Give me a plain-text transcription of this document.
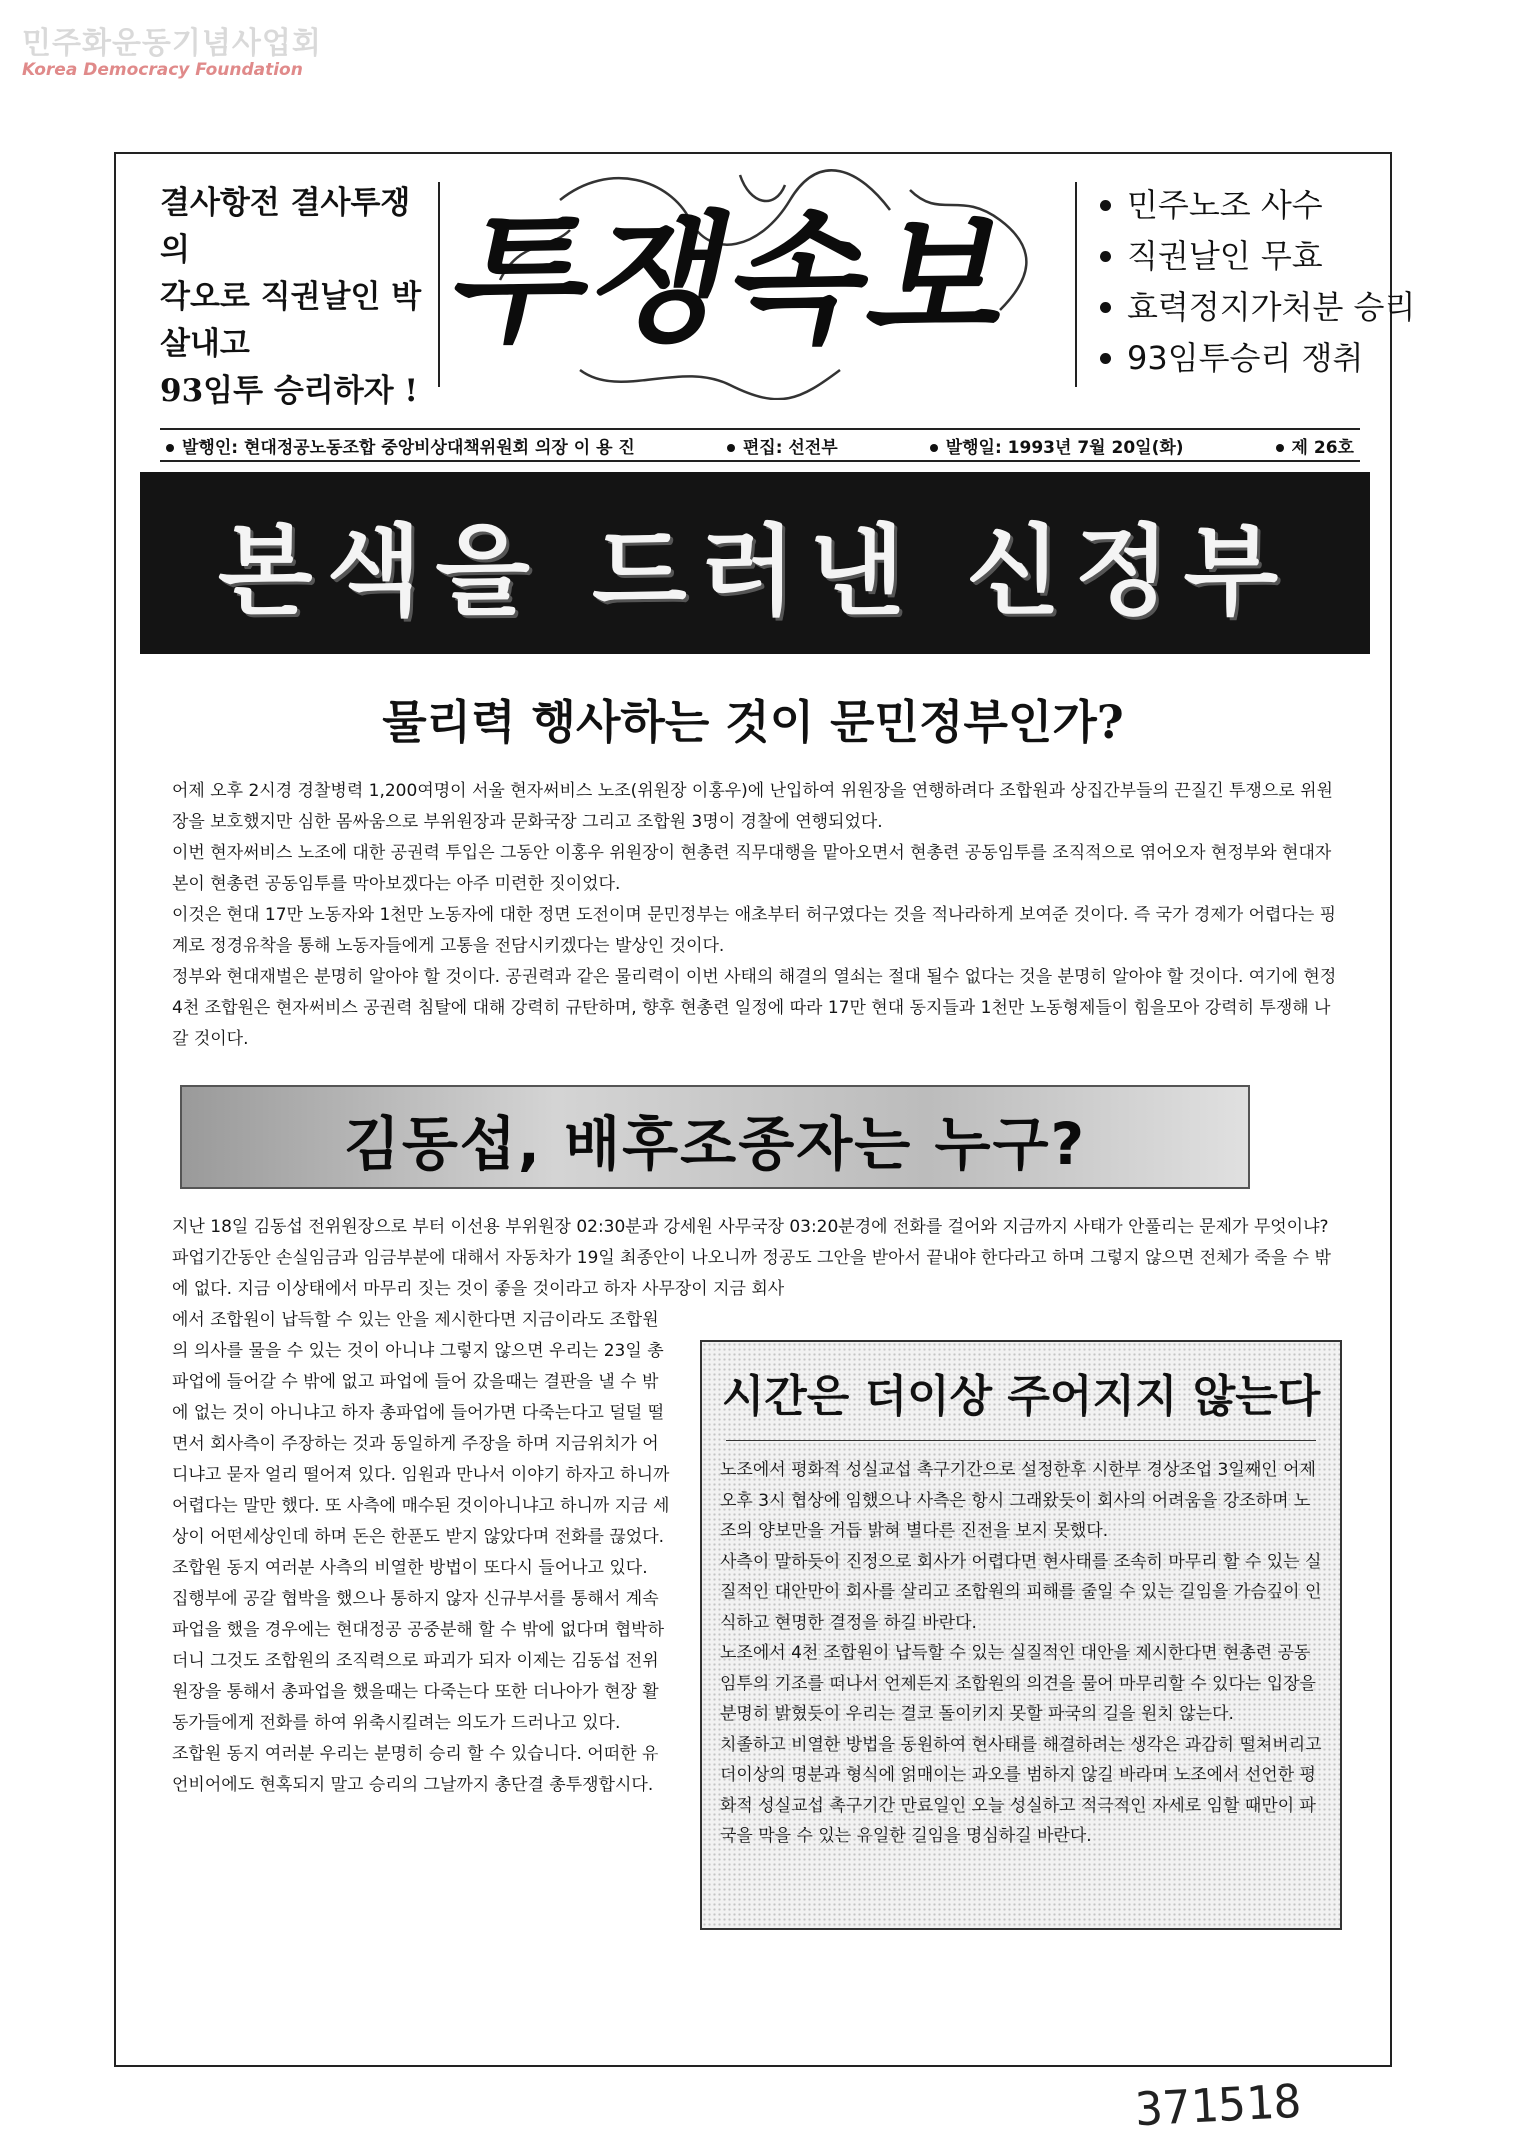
민주화운동기념사업회
Korea Democracy Foundation
결사항전 결사투쟁의
각오로 직권날인 박살내고
93임투 승리하자 !
투쟁속보	민주노조 사수
직권날인 무효
효력정지가처분 승리
93임투승리 쟁취
발행인: 현대정공노동조합 중앙비상대책위원회 의장 이 용 진	편집: 선전부	발행일: 1993년 7월 20일(화)	제 26호
본색을 드러낸 신정부
물리력 행사하는 것이 문민정부인가?
어제 오후 2시경 경찰병력 1,200여명이 서울 현자써비스 노조(위원장 이홍우)에 난입하여 위원장을 연행하려다 조합원과 상집간부들의 끈질긴 투쟁으로 위원장을 보호했지만 심한 몸싸움으로 부위원장과 문화국장 그리고 조합원 3명이 경찰에 연행되었다.
이번 현자써비스 노조에 대한 공권력 투입은 그동안 이홍우 위원장이 현총련 직무대행을 맡아오면서 현총련 공동임투를 조직적으로 엮어오자 현정부와 현대자본이 현총련 공동임투를 막아보겠다는 아주 미련한 짓이었다.
이것은 현대 17만 노동자와 1천만 노동자에 대한 정면 도전이며 문민정부는 애초부터 허구였다는 것을 적나라하게 보여준 것이다. 즉 국가 경제가 어렵다는 핑계로 정경유착을 통해 노동자들에게 고통을 전담시키겠다는 발상인 것이다.
정부와 현대재벌은 분명히 알아야 할 것이다. 공권력과 같은 물리력이 이번 사태의 해결의 열쇠는 절대 될수 없다는 것을 분명히 알아야 할 것이다. 여기에 현정 4천 조합원은 현자써비스 공권력 침탈에 대해 강력히 규탄하며, 향후 현총련 일정에 따라 17만 현대 동지들과 1천만 노동형제들이 힘을모아 강력히 투쟁해 나갈 것이다.
김동섭, 배후조종자는 누구?
지난 18일 김동섭 전위원장으로 부터 이선용 부위원장 02:30분과 강세원 사무국장 03:20분경에 전화를 걸어와 지금까지 사태가 안풀리는 문제가 무엇이냐? 파업기간동안 손실임금과 임금부분에 대해서 자동차가 19일 최종안이 나오니까 정공도 그안을 받아서 끝내야 한다라고 하며 그렇지 않으면 전체가 죽을 수 밖에 없다. 지금 이상태에서 마무리 짓는 것이 좋을 것이라고 하자 사무장이 지금 회사
에서 조합원이 납득할 수 있는 안을 제시한다면 지금이라도 조합원의 의사를 물을 수 있는 것이 아니냐 그렇지 않으면 우리는 23일 총파업에 들어갈 수 밖에 없고 파업에 들어 갔을때는 결판을 낼 수 밖에 없는 것이 아니냐고 하자 총파업에 들어가면 다죽는다고 덜덜 떨면서 회사측이 주장하는 것과 동일하게 주장을 하며 지금위치가 어디냐고 묻자 얼리 떨어져 있다. 임원과 만나서 이야기 하자고 하니까 어렵다는 말만 했다. 또 사측에 매수된 것이아니냐고 하니까 지금 세상이 어떤세상인데 하며 돈은 한푼도 받지 않았다며 전화를 끊었다.
조합원 동지 여러분 사측의 비열한 방법이 또다시 들어나고 있다.
집행부에 공갈 협박을 했으나 통하지 않자 신규부서를 통해서 계속 파업을 했을 경우에는 현대정공 공중분해 할 수 밖에 없다며 협박하더니 그것도 조합원의 조직력으로 파괴가 되자 이제는 김동섭 전위원장을 통해서 총파업을 했을때는 다죽는다 또한 더나아가 현장 활동가들에게 전화를 하여 위축시킬려는 의도가 드러나고 있다.
조합원 동지 여러분 우리는 분명히 승리 할 수 있습니다. 어떠한 유언비어에도 현혹되지 말고 승리의 그날까지 총단결 총투쟁합시다.
시간은 더이상 주어지지 않는다
노조에서 평화적 성실교섭 촉구기간으로 설정한후 시한부 경상조업 3일째인 어제 오후 3시 협상에 임했으나 사측은 항시 그래왔듯이 회사의 어려움을 강조하며 노조의 양보만을 거듭 밝혀 별다른 진전을 보지 못했다.
사측이 말하듯이 진정으로 회사가 어렵다면 현사태를 조속히 마무리 할 수 있는 실질적인 대안만이 회사를 살리고 조합원의 피해를 줄일 수 있는 길임을 가슴깊이 인식하고 현명한 결정을 하길 바란다.
노조에서 4천 조합원이 납득할 수 있는 실질적인 대안을 제시한다면 현총련 공동임투의 기조를 떠나서 언제든지 조합원의 의견을 물어 마무리할 수 있다는 입장을 분명히 밝혔듯이 우리는 결코 돌이키지 못할 파국의 길을 원치 않는다.
치졸하고 비열한 방법을 동원하여 현사태를 해결하려는 생각은 과감히 떨쳐버리고 더이상의 명분과 형식에 얽매이는 과오를 범하지 않길 바라며 노조에서 선언한 평화적 성실교섭 촉구기간 만료일인 오늘 성실하고 적극적인 자세로 임할 때만이 파국을 막을 수 있는 유일한 길임을 명심하길 바란다.
371518
